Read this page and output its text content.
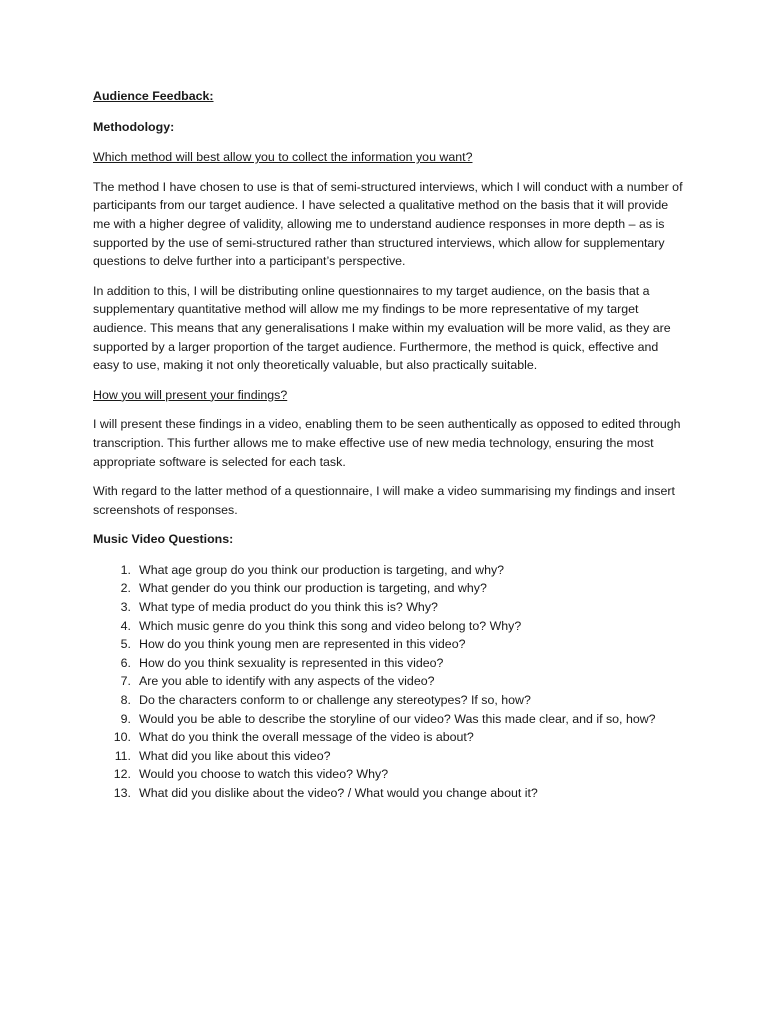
Audience Feedback:
Methodology:
Which method will best allow you to collect the information you want?

The method I have chosen to use is that of semi-structured interviews, which I will conduct with a number of participants from our target audience. I have selected a qualitative method on the basis that it will provide me with a higher degree of validity, allowing me to understand audience responses in more depth – as is supported by the use of semi-structured rather than structured interviews, which allow for supplementary questions to delve further into a participant’s perspective.

In addition to this, I will be distributing online questionnaires to my target audience, on the basis that a supplementary quantitative method will allow me my findings to be more representative of my target audience. This means that any generalisations I make within my evaluation will be more valid, as they are supported by a larger proportion of the target audience. Furthermore, the method is quick, effective and easy to use, making it not only theoretically valuable, but also practically suitable.

How you will present your findings?

I will present these findings in a video, enabling them to be seen authentically as opposed to edited through transcription. This further allows me to make effective use of new media technology, ensuring the most appropriate software is selected for each task.

With regard to the latter method of a questionnaire, I will make a video summarising my findings and insert screenshots of responses.

Music Video Questions:
1. What age group do you think our production is targeting, and why?
2. What gender do you think our production is targeting, and why?
3. What type of media product do you think this is? Why?
4. Which music genre do you think this song and video belong to? Why?
5. How do you think young men are represented in this video?
6. How do you think sexuality is represented in this video?
7. Are you able to identify with any aspects of the video?
8. Do the characters conform to or challenge any stereotypes? If so, how?
9. Would you be able to describe the storyline of our video? Was this made clear, and if so, how?
10. What do you think the overall message of the video is about?
11. What did you like about this video?
12. Would you choose to watch this video? Why?
13. What did you dislike about the video? / What would you change about it?
